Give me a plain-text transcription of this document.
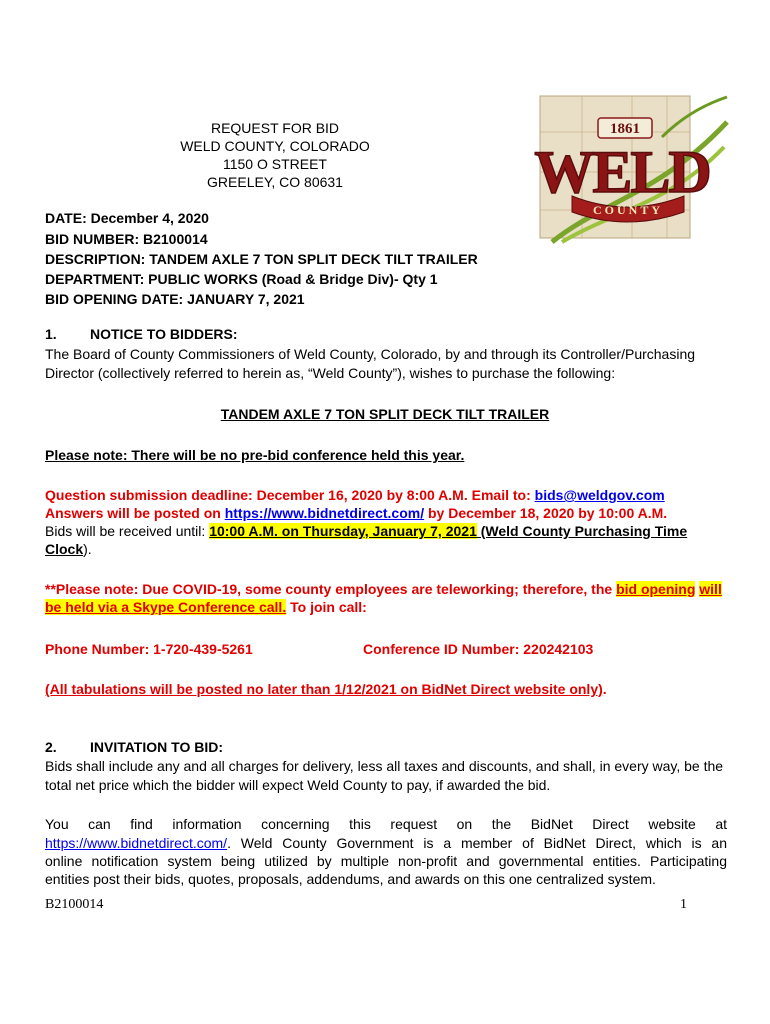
REQUEST FOR BID
WELD COUNTY, COLORADO
1150 O STREET
GREELEY, CO 80631
1861
WELD
COUNTY
DATE: December 4, 2020
BID NUMBER: B2100014
DESCRIPTION: TANDEM AXLE 7 TON SPLIT DECK TILT TRAILER
DEPARTMENT: PUBLIC WORKS (Road & Bridge Div)- Qty 1
BID OPENING DATE: JANUARY 7, 2021
1. NOTICE TO BIDDERS:
The Board of County Commissioners of Weld County, Colorado, by and through its Controller/Purchasing Director (collectively referred to herein as, “Weld County”), wishes to purchase the following:
TANDEM AXLE 7 TON SPLIT DECK TILT TRAILER
Please note: There will be no pre-bid conference held this year.
Question submission deadline: December 16, 2020 by 8:00 A.M. Email to: bids@weldgov.com
Answers will be posted on https://www.bidnetdirect.com/ by December 18, 2020 by 10:00 A.M.
Bids will be received until: 10:00 A.M. on Thursday, January 7, 2021 (Weld County Purchasing Time Clock).
**Please note: Due COVID-19, some county employees are teleworking; therefore, the bid opening will be held via a Skype Conference call. To join call:
Phone Number: 1-720-439-5261	Conference ID Number: 220242103
(All tabulations will be posted no later than 1/12/2021 on BidNet Direct website only).
2. INVITATION TO BID:
Bids shall include any and all charges for delivery, less all taxes and discounts, and shall, in every way, be the total net price which the bidder will expect Weld County to pay, if awarded the bid.
You can find information concerning this request on the BidNet Direct website at
https://www.bidnetdirect.com/. Weld County Government is a member of BidNet Direct, which is an
online notification system being utilized by multiple non-profit and governmental entities. Participating
entities post their bids, quotes, proposals, addendums, and awards on this one centralized system.
B2100014	1
